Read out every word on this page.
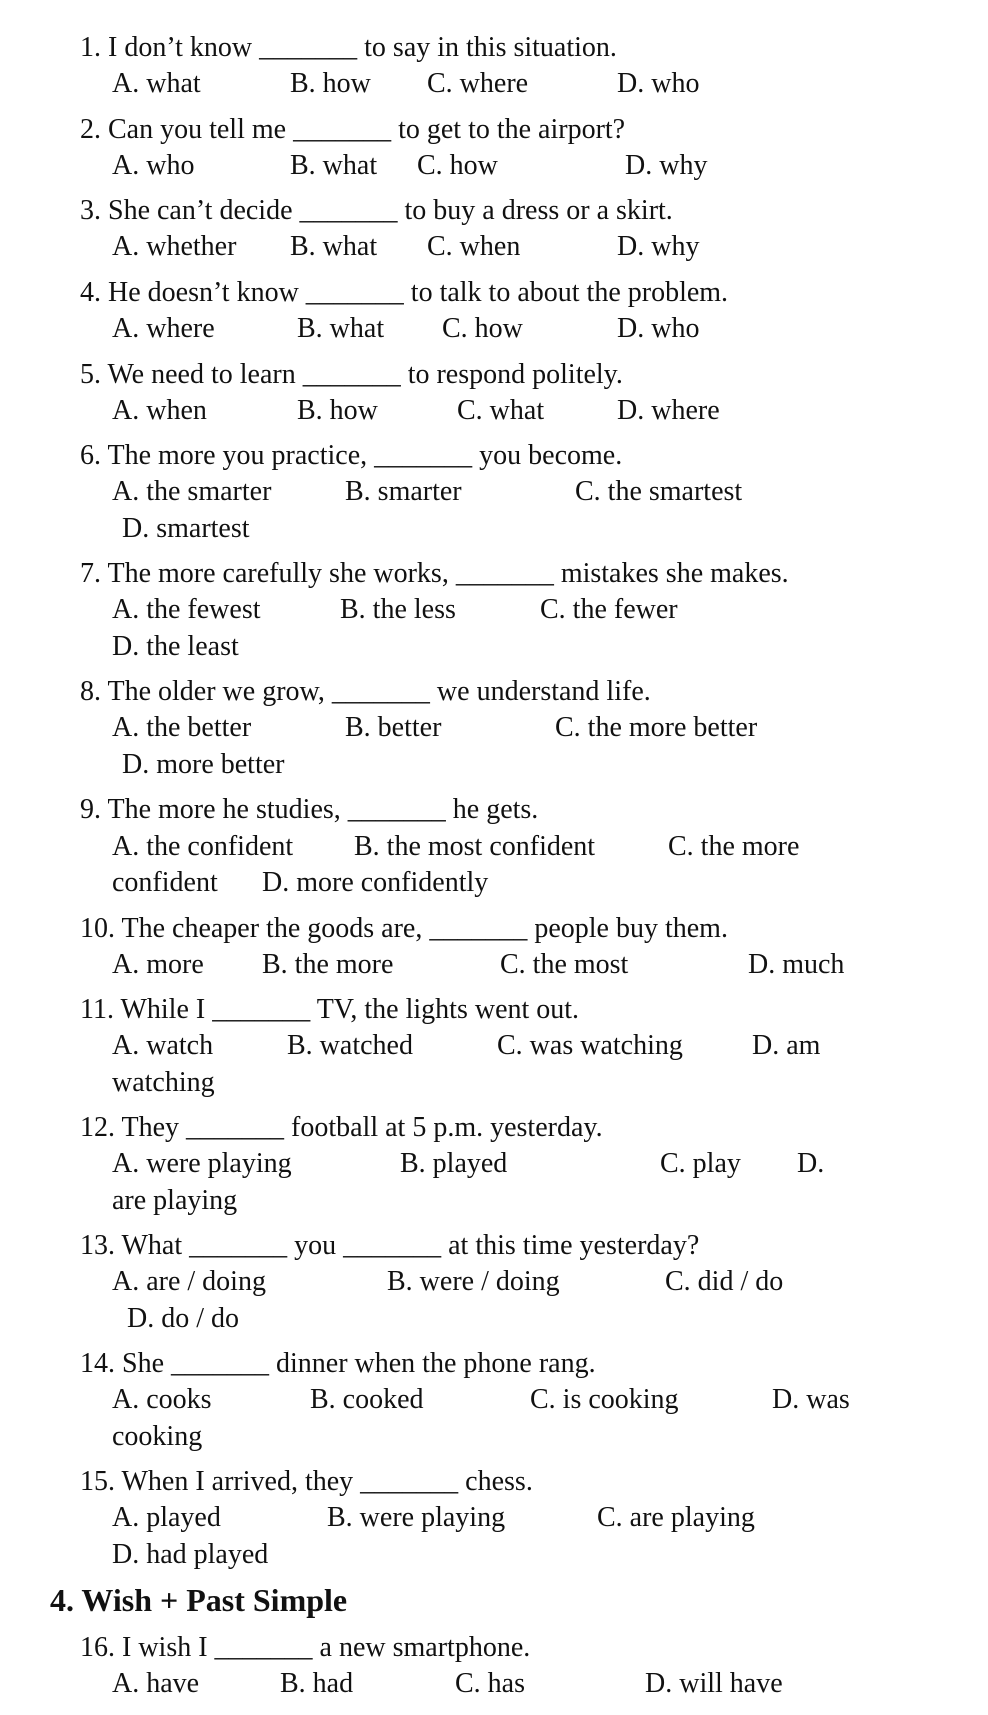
1. I don’t know _______ to say in this situation.
A. what	B. how C. where	D. who
2. Can you tell me _______ to get to the airport?
A. who	B. what C. how	D. why
3. She can’t decide _______ to buy a dress or a skirt.
A. whether B. what C. when	D. why
4. He doesn’t know _______ to talk to about the problem.
A. where	B. what C. how	D. who
5. We need to learn _______ to respond politely.
A. when	B. how	C. what	D. where
6. The more you practice, _______ you become.
A. the smarter	B. smarter	C. the smartest
D. smartest
7. The more carefully she works, _______ mistakes she makes.
A. the fewest	B. the less	C. the fewer
D. the least
8. The older we grow, _______ we understand life.
A. the better	B. better	C. the more better
D. more better
9. The more he studies, _______ he gets.
A. the confident B. the most confident	C. the more
confident D. more confidently
10. The cheaper the goods are, _______ people buy them.
A. more B. the more	C. the most	D. much
11. While I _______ TV, the lights went out.
A. watch	B. watched	C. was watching D. am
watching
12. They _______ football at 5 p.m. yesterday.
A. were playing	B. played	C. play D.
are playing
13. What _______ you _______ at this time yesterday?
A. are / doing	B. were / doing	C. did / do
D. do / do
14. She _______ dinner when the phone rang.
A. cooks	B. cooked	C. is cooking	D. was
cooking
15. When I arrived, they _______ chess.
A. played	B. were playing	C. are playing
D. had played
4. Wish + Past Simple
16. I wish I _______ a new smartphone.
A. have	B. had	C. has	D. will have
